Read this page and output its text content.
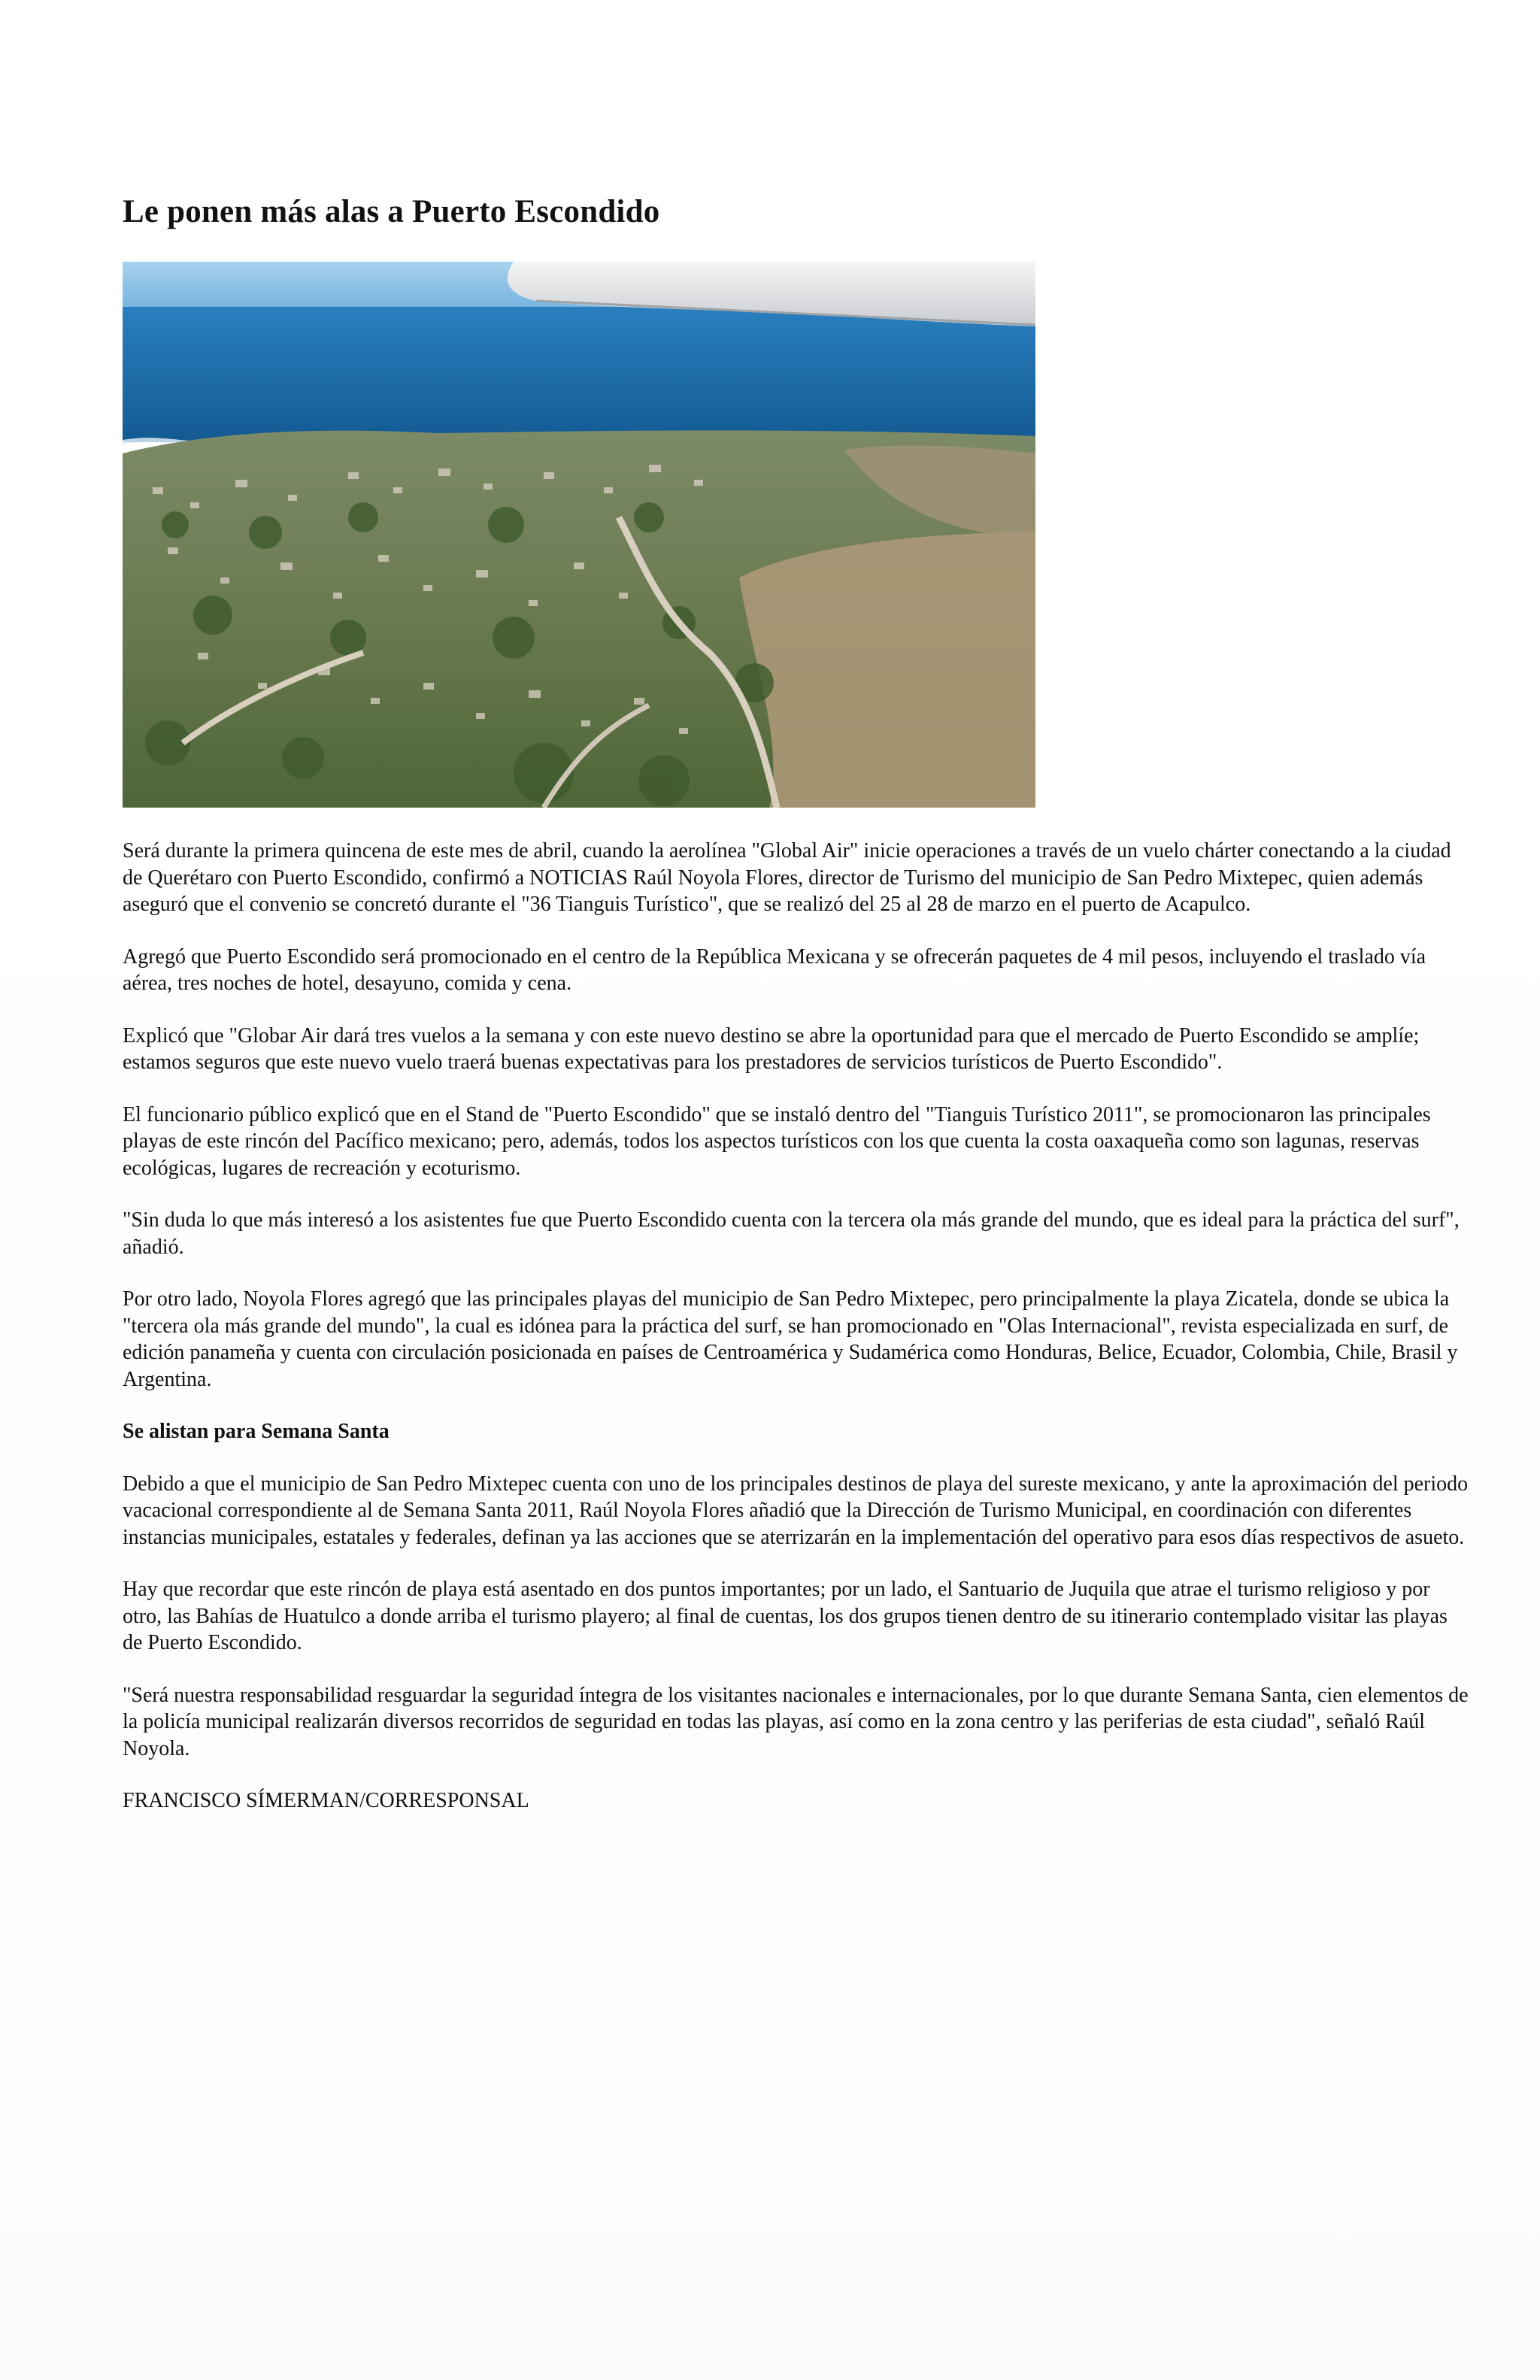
Le ponen más alas a Puerto Escondido

Será durante la primera quincena de este mes de abril, cuando la aerolínea "Global Air" inicie operaciones a través de un vuelo chárter conectando a la ciudad de Querétaro con Puerto Escondido, confirmó a NOTICIAS Raúl Noyola Flores, director de Turismo del municipio de San Pedro Mixtepec, quien además aseguró que el convenio se concretó durante el "36 Tianguis Turístico", que se realizó del 25 al 28 de marzo en el puerto de Acapulco.

Agregó que Puerto Escondido será promocionado en el centro de la República Mexicana y se ofrecerán paquetes de 4 mil pesos, incluyendo el traslado vía aérea, tres noches de hotel, desayuno, comida y cena.

Explicó que "Globar Air dará tres vuelos a la semana y con este nuevo destino se abre la oportunidad para que el mercado de Puerto Escondido se amplíe; estamos seguros que este nuevo vuelo traerá buenas expectativas para los prestadores de servicios turísticos de Puerto Escondido".

El funcionario público explicó que en el Stand de "Puerto Escondido" que se instaló dentro del "Tianguis Turístico 2011", se promocionaron las principales playas de este rincón del Pacífico mexicano; pero, además, todos los aspectos turísticos con los que cuenta la costa oaxaqueña como son lagunas, reservas ecológicas, lugares de recreación y ecoturismo.

"Sin duda lo que más interesó a los asistentes fue que Puerto Escondido cuenta con la tercera ola más grande del mundo, que es ideal para la práctica del surf", añadió.

Por otro lado, Noyola Flores agregó que las principales playas del municipio de San Pedro Mixtepec, pero principalmente la playa Zicatela, donde se ubica la "tercera ola más grande del mundo", la cual es idónea para la práctica del surf, se han promocionado en "Olas Internacional", revista especializada en surf, de edición panameña y cuenta con circulación posicionada en países de Centroamérica y Sudamérica como Honduras, Belice, Ecuador, Colombia, Chile, Brasil y Argentina.

Se alistan para Semana Santa

Debido a que el municipio de San Pedro Mixtepec cuenta con uno de los principales destinos de playa del sureste mexicano, y ante la aproximación del periodo vacacional correspondiente al de Semana Santa 2011, Raúl Noyola Flores añadió que la Dirección de Turismo Municipal, en coordinación con diferentes instancias municipales, estatales y federales, definan ya las acciones que se aterrizarán en la implementación del operativo para esos días respectivos de asueto.

Hay que recordar que este rincón de playa está asentado en dos puntos importantes; por un lado, el Santuario de Juquila que atrae el turismo religioso y por otro, las Bahías de Huatulco a donde arriba el turismo playero; al final de cuentas, los dos grupos tienen dentro de su itinerario contemplado visitar las playas de Puerto Escondido.

"Será nuestra responsabilidad resguardar la seguridad íntegra de los visitantes nacionales e internacionales, por lo que durante Semana Santa, cien elementos de la policía municipal realizarán diversos recorridos de seguridad en todas las playas, así como en la zona centro y las periferias de esta ciudad", señaló Raúl Noyola.

FRANCISCO SÍMERMAN/CORRESPONSAL
